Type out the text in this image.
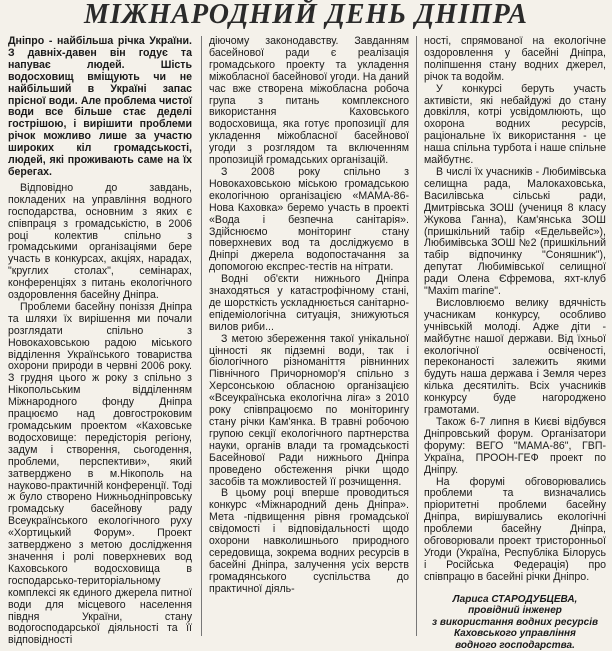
МІЖНАРОДНИЙ ДЕНЬ ДНІПРА

Дніпро - найбільша річка України. З давніх-давен він годує та напуває людей. Шість водосховищ вміщують чи не найбільший в Україні запас прісної води. Але проблема чистої води все більше стає деделі гострішою, і вирішити проблеми річок можливо лише за участю широких кіл громадськості, людей, які проживають саме на їх берегах.

Відповідно до завдань, покладених на управління водного господарства, основним з яких є співпраця з громадськістю, в 2006 році колектив спільно з громадськими організаціями бере участь в конкурсах, акціях, нарадах, "круглих столах", семінарах, конференціях з питань екологічного оздоровлення басейну Дніпра.

Проблеми басейну поніззя Дніпра та шляхи їх вирішення ми почали розглядати спільно з Новокаховською радою міського відділення Українського товариства охорони природи в червні 2006 року. З грудня цього ж року з спільно з Нікопольським відділенням Міжнародного фонду Дніпра працюємо над довгостроковим громадським проектом «Каховське водосховище: передісторія регіону, задум і створення, сьогодення, проблеми, перспективи», який затверджено в м.Нікополь на науково-практичній конференції. Тоді ж було створено Нижньодніпровську громадську басейнову раду Всеукраїнського екологічного руху «Хортицький Форум». Проект затверджено з метою дослідження значення і ролі поверхневих вод Каховського водосховища в господарсько-територіальному комплексі як єдиного джерела питної води для місцевого населення півдня України, стану водогосподарської діяльності та її відповідності

діючому законодавству. Завданням басейнової ради є реалізація громадського проекту та укладення міжобласної басейнової угоди. На даний час вже створена міжобласна робоча група з питань комплексного використання Каховського водосховища, яка готує пропозиції для укладення міжобласної басейнової угоди з розглядом та включенням пропозицій громадських організацій.

З 2008 року спільно з Новокаховською міською громадською екологічною організацією «МАМА-86-Нова Каховка» беремо участь в проекті «Вода і безпечна санітарія». Здійснюємо моніторинг стану поверхневих вод та досліджуємо в Дніпрі джерела водопостачання за допомогою експрес-тестів на нітрати.

Водні об'єкти нижнього Дніпра знаходяться у катастрофічному стані, де шорсткість ускладнюється санітарно-епідеміологічна ситуація, знижуються вилов риби...

З метою збереження такої унікальної цінності як підземні води, так і біологічного різноманіття рівнинних Північного Причорномор'я спільно з Херсонською обласною організацією «Всеукраїнська екологічна ліга» з 2010 року співпрацюємо по моніторингу стану річки Кам'янка. В травні робочою групою секції екологічного партнерства науки, органів влади та громадськості Басейнової Ради нижнього Дніпра проведено обстеження річки щодо засобів та можливостей її розчищення.

В цьому році вперше проводиться конкурс «Міжнародний день Дніпра». Мета -підвищення рівня громадської свідомості і відповідальності щодо охорони навколишнього природного середовища, зокрема водних ресурсів в басейні Дніпра, залучення усіх верств громадянського суспільства до практичної діяль-

ності, спрямованої на екологічне оздоровлення у басейні Дніпра, поліпшення стану водних джерел, річок та водойм.

У конкурсі беруть участь активісти, які небайдужі до стану довкілля, котрі усвідомлюють, що охорона водних ресурсів, раціональне їх використання - це наша спільна турбота і наше спільне майбутнє.

В числі їх учасників - Любимівська селищна рада, Малокаховська, Василівська сільські ради, Дмитрівська ЗОШ (учениця 8 класу Жукова Ганна), Кам'янська ЗОШ (пришкільний табір «Едельвейс»), Любимівська ЗОШ №2 (пришкільний табір відпочинку "Соняшник"), депутат Любимівської селищної ради Олена Єфремова, яхт-клуб "Maxim marine".

Висловлюємо велику вдячність учасникам конкурсу, особливо учнівській молоді. Адже діти - майбутнє нашої держави. Від їхньої екологічної освіченості, переконаності залежить якими будуть наша держава і Земля через кілька десятиліть. Всіх учасників конкурсу буде нагороджено грамотами.

Також 6-7 липня в Києві відбувся Дніпровський форум. Організатори форуму: ВЕГО "МАМА-86", ГВП-Україна, ПРООН-ГЕФ проект по Дніпру.

На форумі обговорювались проблеми та визначались пріоритетні проблеми басейну Дніпра, вирішувались екологічні проблеми басейну Дніпра, обговорювали проект тристоронньої Угоди (Україна, Республіка Білорусь і Російська Федерація) про співпрацю в басейні річки Дніпро.

Лариса СТАРОДУБЦЕВА,
провідний інженер
з використання водних ресурсів
Каховського управління
водного господарства.
